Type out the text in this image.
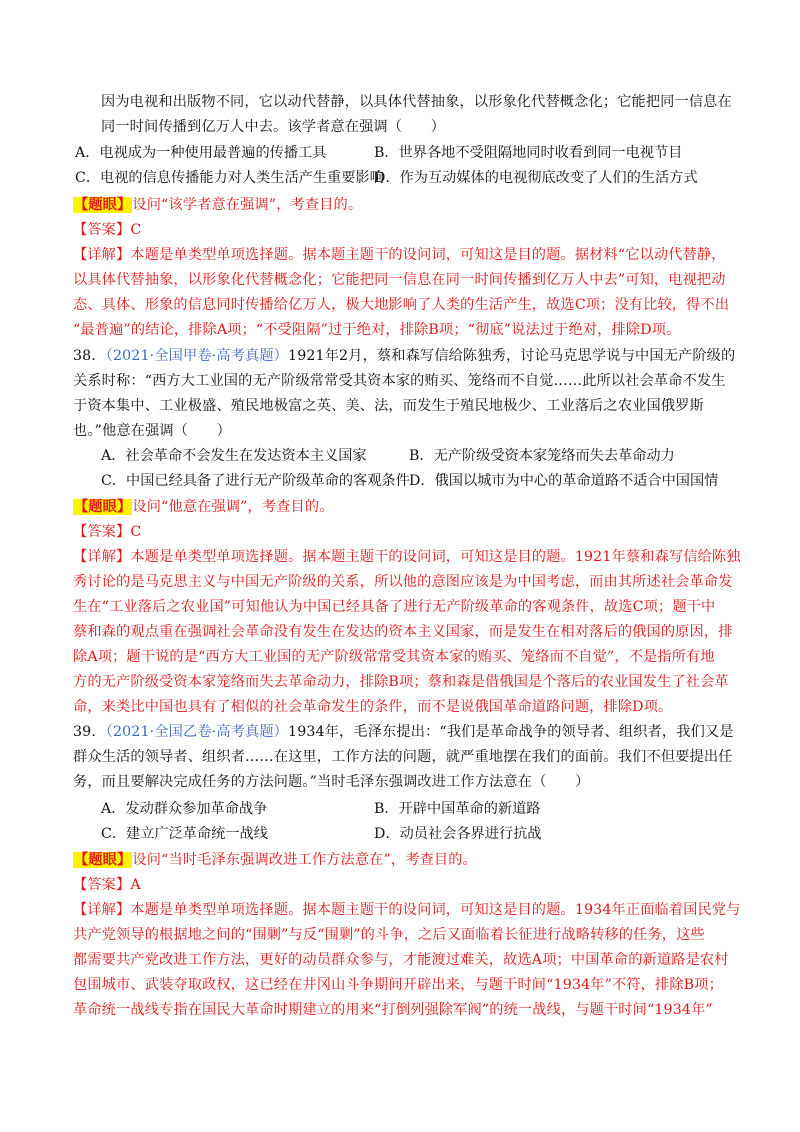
因为电视和出版物不同，它以动代替静，以具体代替抽象，以形象化代替概念化；它能把同一信息在
同一时间传播到亿万人中去。该学者意在强调（　　）
A．电视成为一种使用最普遍的传播工具	B．世界各地不受阻隔地同时收看到同一电视节目
C．电视的信息传播能力对人类生活产生重要影响
D．作为互动媒体的电视彻底改变了人们的生活方式
【题眼】设问“该学者意在强调”，考查目的。
【答案】C
【详解】本题是单类型单项选择题。据本题主题干的设问词，可知这是目的题。据材料“它以动代替静，
以具体代替抽象，以形象化代替概念化；它能把同一信息在同一时间传播到亿万人中去”可知，电视把动
态、具体、形象的信息同时传播给亿万人，极大地影响了人类的生活产生，故选C项；没有比较，得不出
“最普遍”的结论，排除A项；“不受阻隔”过于绝对，排除B项；“彻底”说法过于绝对，排除D项。
38．（2021·全国甲卷·高考真题）1921年2月，蔡和森写信给陈独秀，讨论马克思学说与中国无产阶级的
关系时称：“西方大工业国的无产阶级常常受其资本家的贿买、笼络而不自觉……此所以社会革命不发生
于资本集中、工业极盛、殖民地极富之英、美、法，而发生于殖民地极少、工业落后之农业国俄罗斯
也。”他意在强调（　　）
A．社会革命不会发生在发达资本主义国家	B．无产阶级受资本家笼络而失去革命动力
C．中国已经具备了进行无产阶级革命的客观条件 D．俄国以城市为中心的革命道路不适合中国国情
【题眼】设问“他意在强调”，考查目的。
【答案】C
【详解】本题是单类型单项选择题。据本题主题干的设问词，可知这是目的题。1921年蔡和森写信给陈独
秀讨论的是马克思主义与中国无产阶级的关系，所以他的意图应该是为中国考虑，而由其所述社会革命发
生在“工业落后之农业国”可知他认为中国已经具备了进行无产阶级革命的客观条件，故选C项；题干中
蔡和森的观点重在强调社会革命没有发生在发达的资本主义国家，而是发生在相对落后的俄国的原因，排
除A项；题干说的是“西方大工业国的无产阶级常常受其资本家的贿买、笼络而不自觉”，不是指所有地
方的无产阶级受资本家笼络而失去革命动力，排除B项；蔡和森是借俄国是个落后的农业国发生了社会革
命，来类比中国也具有了相似的社会革命发生的条件，而不是说俄国革命道路问题，排除D项。
39．（2021·全国乙卷·高考真题）1934年，毛泽东提出：“我们是革命战争的领导者、组织者，我们又是
群众生活的领导者、组织者……在这里，工作方法的问题，就严重地摆在我们的面前。我们不但要提出任
务，而且要解决完成任务的方法问题。”当时毛泽东强调改进工作方法意在（　　）
A．发动群众参加革命战争	B．开辟中国革命的新道路
C．建立广泛革命统一战线	D．动员社会各界进行抗战
【题眼】设问“当时毛泽东强调改进工作方法意在”，考查目的。
【答案】A
【详解】本题是单类型单项选择题。据本题主题干的设问词，可知这是目的题。1934年正面临着国民党与
共产党领导的根据地之间的“围剿”与反“围剿”的斗争，之后又面临着长征进行战略转移的任务，这些
都需要共产党改进工作方法，更好的动员群众参与，才能渡过难关，故选A项；中国革命的新道路是农村
包围城市、武装夺取政权，这已经在井冈山斗争期间开辟出来，与题干时间“1934年”不符，排除B项；
革命统一战线专指在国民大革命时期建立的用来“打倒列强除军阀”的统一战线，与题干时间“1934年”
